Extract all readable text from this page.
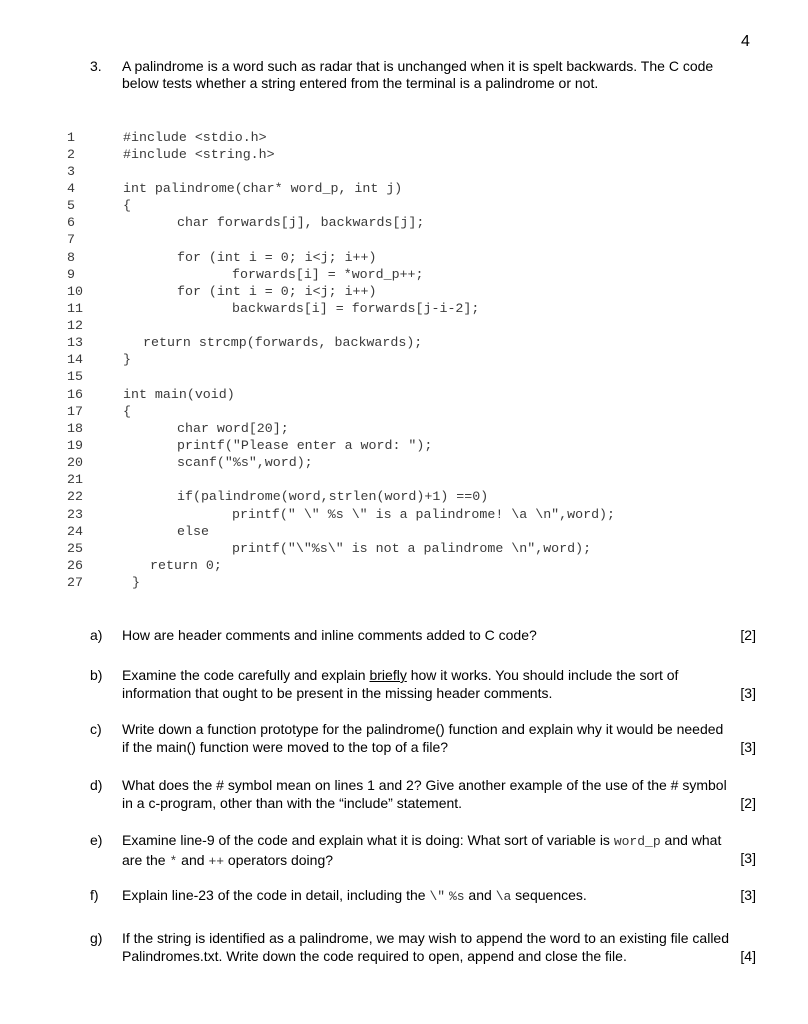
4
3. A palindrome is a word such as radar that is unchanged when it is spelt backwards. The C code below tests whether a string entered from the terminal is a palindrome or not.
1	#include <stdio.h>
2	#include <string.h>
3
4	int palindrome(char* word_p, int j)
5	{
6	char forwards[j], backwards[j];
7
8	for (int i = 0; i<j; i++)
9	forwards[i] = *word_p++;
10	for (int i = 0; i<j; i++)
11	backwards[i] = forwards[j-i-2];
12
13	return strcmp(forwards, backwards);
14	}
15
16	int main(void)
17	{
18	char word[20];
19	printf("Please enter a word: ");
20	scanf("%s",word);
21
22	if(palindrome(word,strlen(word)+1) ==0)
23	printf(" \" %s \" is a palindrome! \a \n",word);
24	else
25	printf("\"%s\" is not a palindrome \n",word);
26	return 0;
27	}
a) How are header comments and inline comments added to C code?	[2]
b) Examine the code carefully and explain briefly how it works. You should include the sort of information that ought to be present in the missing header comments.	[3]
c) Write down a function prototype for the palindrome() function and explain why it would be needed if the main() function were moved to the top of a file?	[3]
d) What does the # symbol mean on lines 1 and 2? Give another example of the use of the # symbol in a c-program, other than with the “include” statement.	[2]
e) Examine line-9 of the code and explain what it is doing: What sort of variable is word_p and what are the * and ++ operators doing?	[3]
f) Explain line-23 of the code in detail, including the \" %s and \a sequences.	[3]
g) If the string is identified as a palindrome, we may wish to append the word to an existing file called Palindromes.txt. Write down the code required to open, append and close the file.	[4]
